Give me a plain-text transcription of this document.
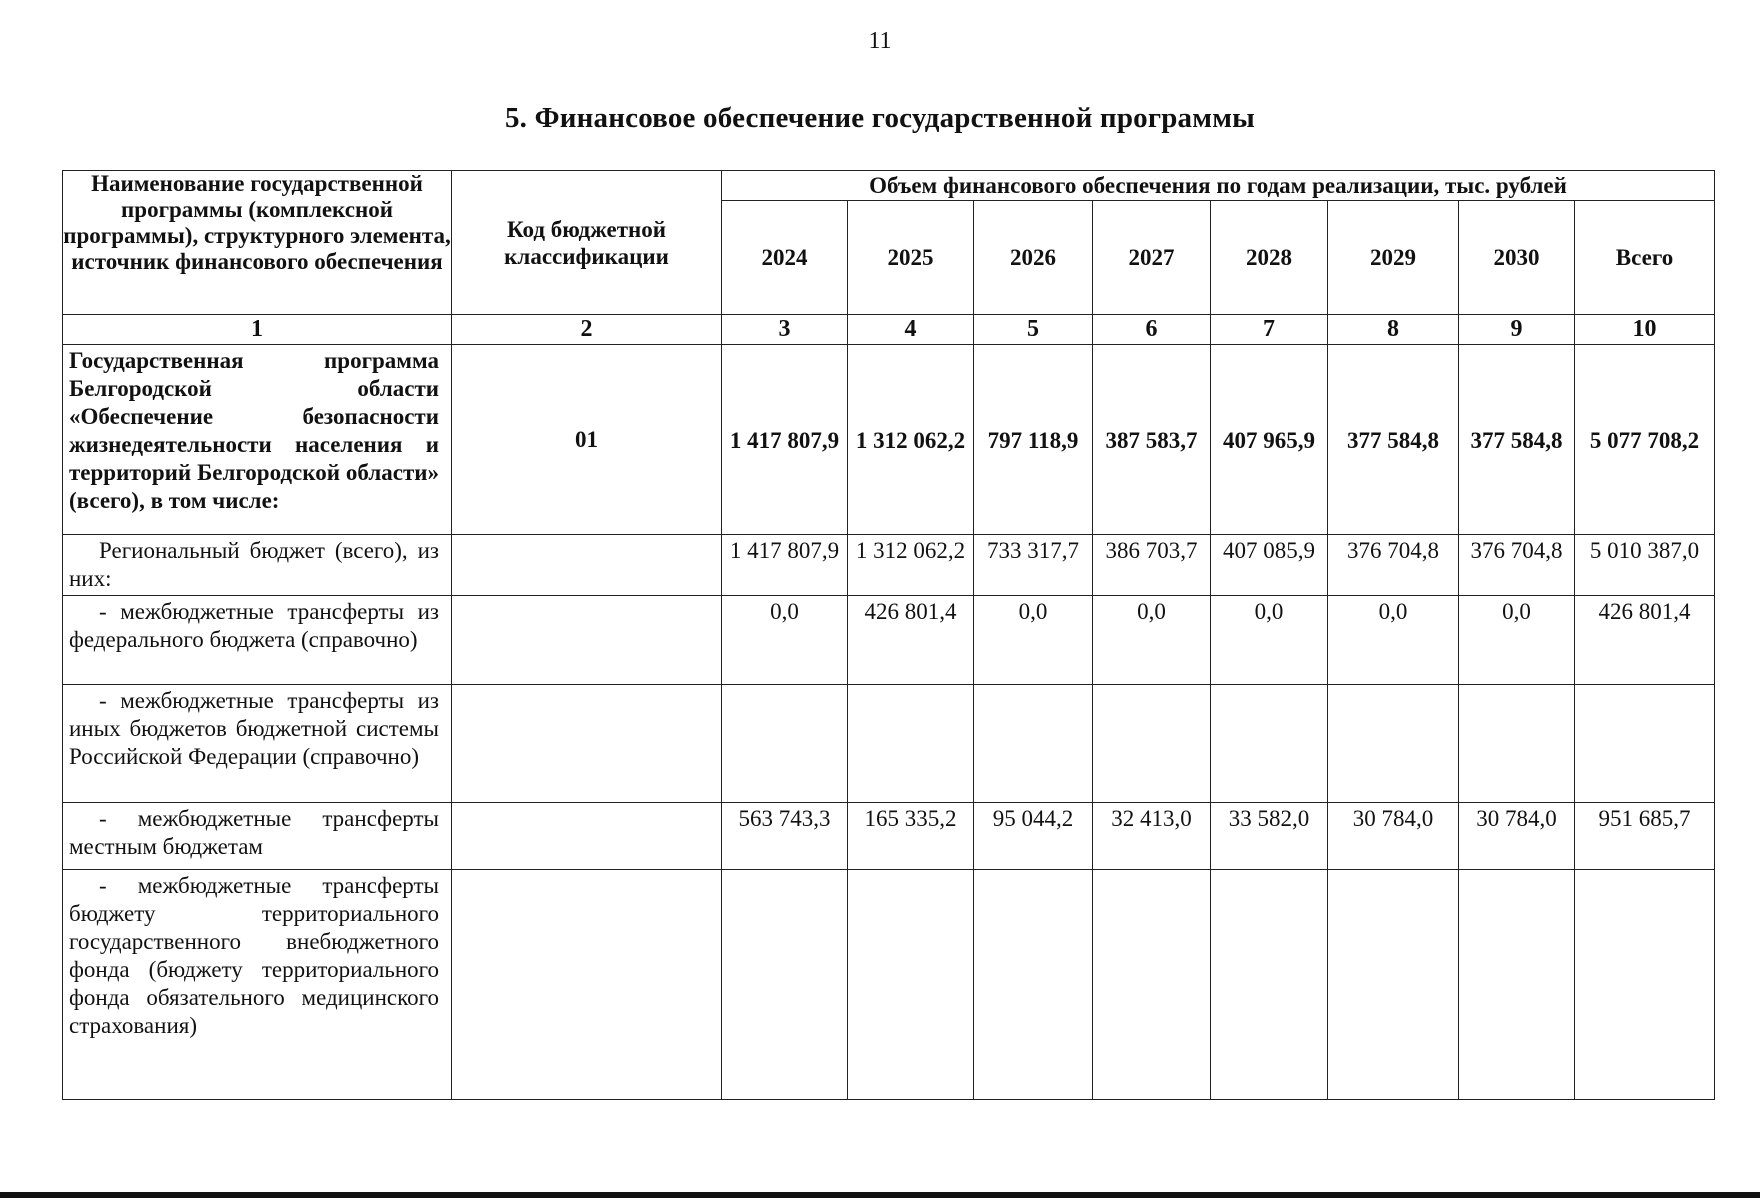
11
5. Финансовое обеспечение государственной программы
Наименование государственной программы (комплексной программы), структурного элемента, источник финансового обеспечения	Код бюджетной классификации	Объем финансового обеспечения по годам реализации, тыс. рублей							
		2024	2025	2026	2027	2028	2029	2030	Всего
1	2	3	4	5	6	7	8	9	10
Государственная программа Белгородской области «Обеспечение безопасности жизнедеятельности населения и территорий Белгородской области» (всего), в том числе:	01	1 417 807,9	1 312 062,2	797 118,9	387 583,7	407 965,9	377 584,8	377 584,8	5 077 708,2
Региональный бюджет (всего), из них:		1 417 807,9	1 312 062,2	733 317,7	386 703,7	407 085,9	376 704,8	376 704,8	5 010 387,0
- межбюджетные трансферты из федерального бюджета (справочно)		0,0	426 801,4	0,0	0,0	0,0	0,0	0,0	426 801,4
- межбюджетные трансферты из иных бюджетов бюджетной системы Российской Федерации (справочно)									
- межбюджетные трансферты местным бюджетам		563 743,3	165 335,2	95 044,2	32 413,0	33 582,0	30 784,0	30 784,0	951 685,7
- межбюджетные трансферты бюджету территориального государственного внебюджетного фонда (бюджету территориального фонда обязательного медицинского страхования)									
